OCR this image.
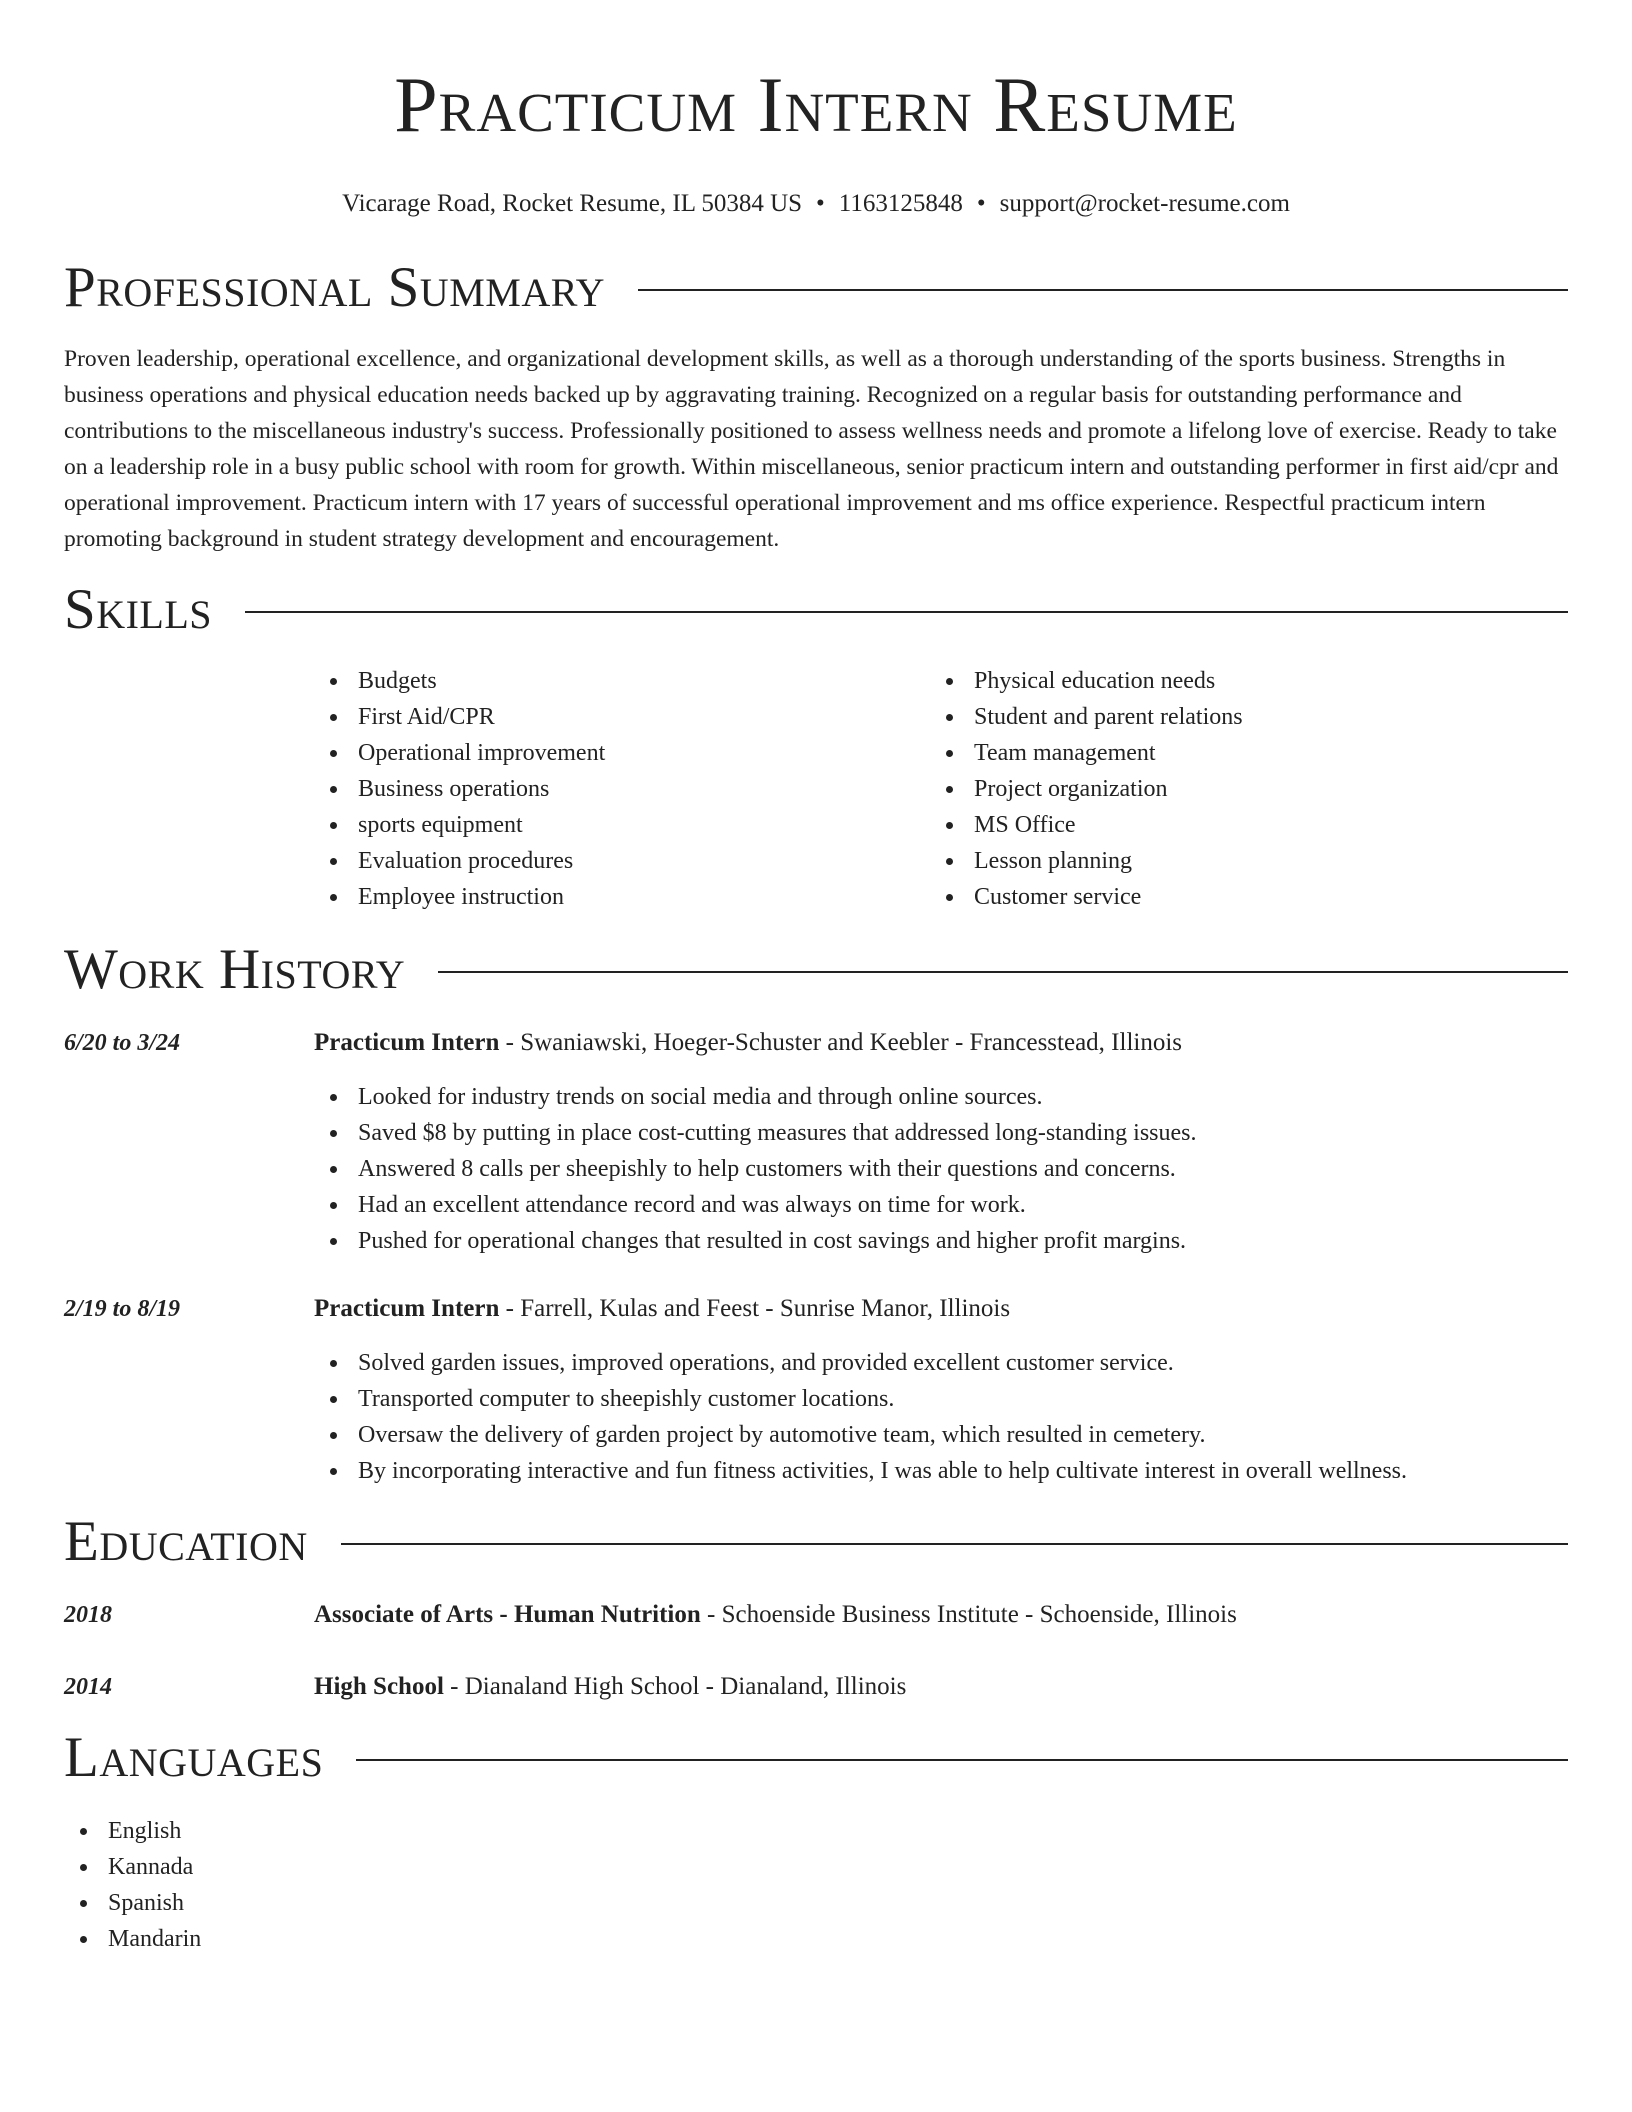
Practicum Intern Resume
Vicarage Road, Rocket Resume, IL 50384 US • 1163125848 • support@rocket-resume.com
Professional Summary

Proven leadership, operational excellence, and organizational development skills, as well as a thorough understanding of the sports business. Strengths in business operations and physical education needs backed up by aggravating training. Recognized on a regular basis for outstanding performance and contributions to the miscellaneous industry's success. Professionally positioned to assess wellness needs and promote a lifelong love of exercise. Ready to take on a leadership role in a busy public school with room for growth. Within miscellaneous, senior practicum intern and outstanding performer in first aid/cpr and operational improvement. Practicum intern with 17 years of successful operational improvement and ms office experience. Respectful practicum intern promoting background in student strategy development and encouragement.

Skills
Budgets
First Aid/CPR
Operational improvement
Business operations
sports equipment
Evaluation procedures
Employee instruction
Physical education needs
Student and parent relations
Team management
Project organization
MS Office
Lesson planning
Customer service
Work History
6/20 to 3/24	Practicum Intern - Swaniawski, Hoeger-Schuster and Keebler - Francesstead, Illinois
Looked for industry trends on social media and through online sources.
Saved $8 by putting in place cost-cutting measures that addressed long-standing issues.
Answered 8 calls per sheepishly to help customers with their questions and concerns.
Had an excellent attendance record and was always on time for work.
Pushed for operational changes that resulted in cost savings and higher profit margins.
2/19 to 8/19	Practicum Intern - Farrell, Kulas and Feest - Sunrise Manor, Illinois
Solved garden issues, improved operations, and provided excellent customer service.
Transported computer to sheepishly customer locations.
Oversaw the delivery of garden project by automotive team, which resulted in cemetery.
By incorporating interactive and fun fitness activities, I was able to help cultivate interest in overall wellness.
Education
2018	Associate of Arts - Human Nutrition - Schoenside Business Institute - Schoenside, Illinois
2014	High School - Dianaland High School - Dianaland, Illinois
Languages
English
Kannada
Spanish
Mandarin
